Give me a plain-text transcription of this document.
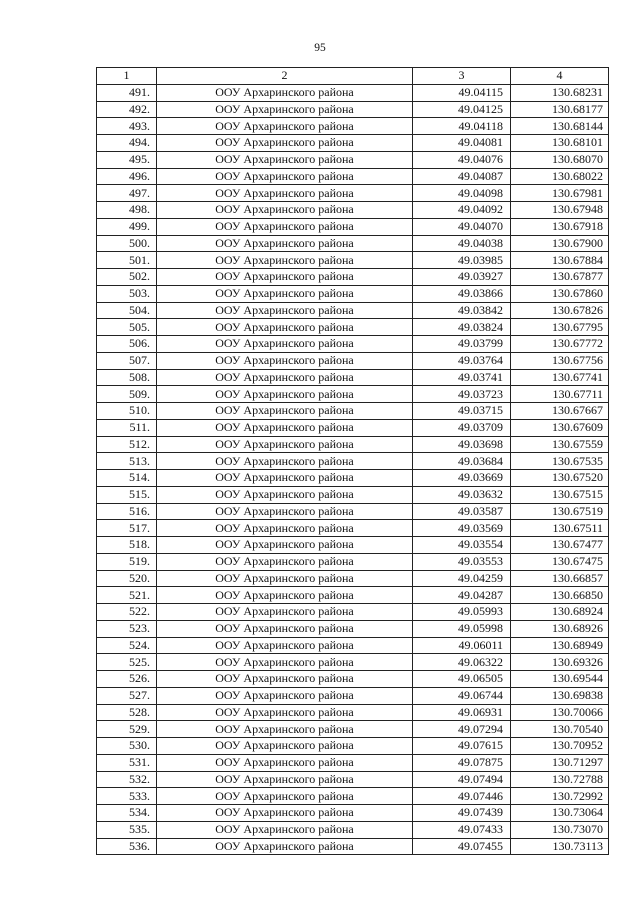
95
1	2	3	4
491.	ООУ Архаринского района	49.04115	130.68231
492.	ООУ Архаринского района	49.04125	130.68177
493.	ООУ Архаринского района	49.04118	130.68144
494.	ООУ Архаринского района	49.04081	130.68101
495.	ООУ Архаринского района	49.04076	130.68070
496.	ООУ Архаринского района	49.04087	130.68022
497.	ООУ Архаринского района	49.04098	130.67981
498.	ООУ Архаринского района	49.04092	130.67948
499.	ООУ Архаринского района	49.04070	130.67918
500.	ООУ Архаринского района	49.04038	130.67900
501.	ООУ Архаринского района	49.03985	130.67884
502.	ООУ Архаринского района	49.03927	130.67877
503.	ООУ Архаринского района	49.03866	130.67860
504.	ООУ Архаринского района	49.03842	130.67826
505.	ООУ Архаринского района	49.03824	130.67795
506.	ООУ Архаринского района	49.03799	130.67772
507.	ООУ Архаринского района	49.03764	130.67756
508.	ООУ Архаринского района	49.03741	130.67741
509.	ООУ Архаринского района	49.03723	130.67711
510.	ООУ Архаринского района	49.03715	130.67667
511.	ООУ Архаринского района	49.03709	130.67609
512.	ООУ Архаринского района	49.03698	130.67559
513.	ООУ Архаринского района	49.03684	130.67535
514.	ООУ Архаринского района	49.03669	130.67520
515.	ООУ Архаринского района	49.03632	130.67515
516.	ООУ Архаринского района	49.03587	130.67519
517.	ООУ Архаринского района	49.03569	130.67511
518.	ООУ Архаринского района	49.03554	130.67477
519.	ООУ Архаринского района	49.03553	130.67475
520.	ООУ Архаринского района	49.04259	130.66857
521.	ООУ Архаринского района	49.04287	130.66850
522.	ООУ Архаринского района	49.05993	130.68924
523.	ООУ Архаринского района	49.05998	130.68926
524.	ООУ Архаринского района	49.06011	130.68949
525.	ООУ Архаринского района	49.06322	130.69326
526.	ООУ Архаринского района	49.06505	130.69544
527.	ООУ Архаринского района	49.06744	130.69838
528.	ООУ Архаринского района	49.06931	130.70066
529.	ООУ Архаринского района	49.07294	130.70540
530.	ООУ Архаринского района	49.07615	130.70952
531.	ООУ Архаринского района	49.07875	130.71297
532.	ООУ Архаринского района	49.07494	130.72788
533.	ООУ Архаринского района	49.07446	130.72992
534.	ООУ Архаринского района	49.07439	130.73064
535.	ООУ Архаринского района	49.07433	130.73070
536.	ООУ Архаринского района	49.07455	130.73113
